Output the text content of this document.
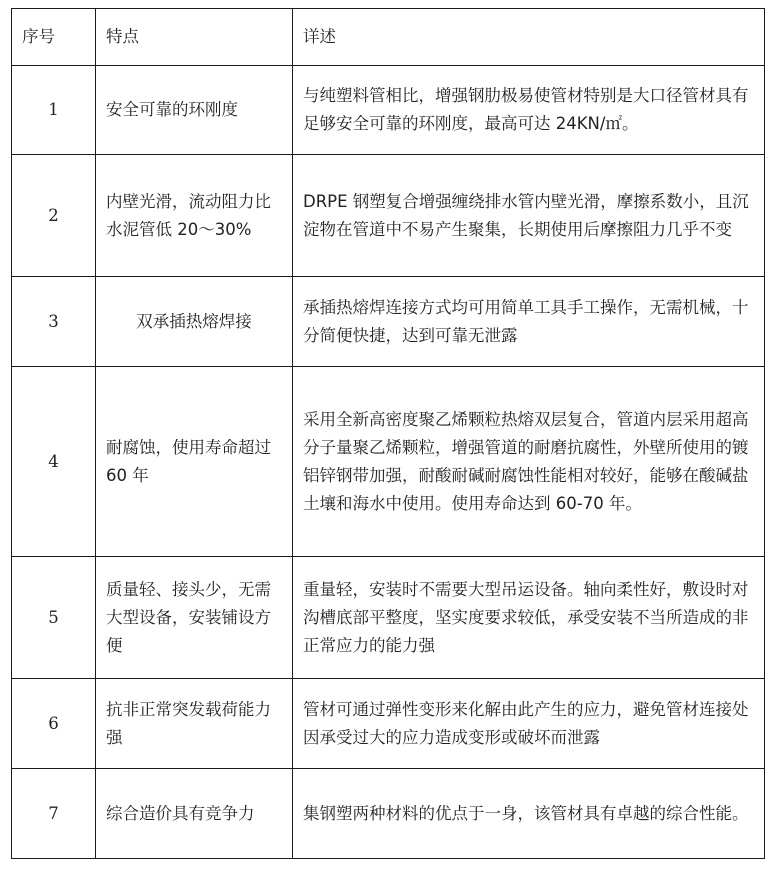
序号	特点	详述
1	安全可靠的环刚度	与纯塑料管相比，增强钢肋极易使管材特别是大口径管材具有足够安全可靠的环刚度，最高可达 24KN/㎡。
2	内壁光滑，流动阻力比水泥管低 20～30%	DRPE 钢塑复合增强缠绕排水管内壁光滑，摩擦系数小，且沉淀物在管道中不易产生聚集，长期使用后摩擦阻力几乎不变
3	双承插热熔焊接	承插热熔焊连接方式均可用简单工具手工操作，无需机械，十分简便快捷，达到可靠无泄露
4	耐腐蚀，使用寿命超过 60 年	采用全新高密度聚乙烯颗粒热熔双层复合，管道内层采用超高分子量聚乙烯颗粒，增强管道的耐磨抗腐性，外壁所使用的镀铝锌钢带加强，耐酸耐碱耐腐蚀性能相对较好，能够在酸碱盐土壤和海水中使用。使用寿命达到 60-70 年。
5	质量轻、接头少，无需大型设备，安装铺设方便	重量轻，安装时不需要大型吊运设备。轴向柔性好，敷设时对沟槽底部平整度，坚实度要求较低，承受安装不当所造成的非正常应力的能力强
6	抗非正常突发载荷能力强	管材可通过弹性变形来化解由此产生的应力，避免管材连接处因承受过大的应力造成变形或破坏而泄露
7	综合造价具有竞争力	集钢塑两种材料的优点于一身，该管材具有卓越的综合性能。
